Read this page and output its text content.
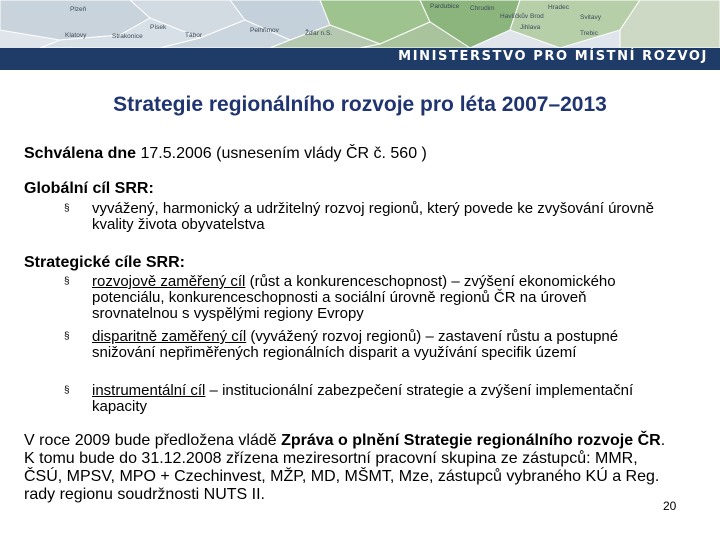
Pardubice Chrudim	Hradec
Plzeň
Havlíčkův Brod	Svitavy
Písek	Pelhřimov
Tábor
Jihlava
Žďár n.S.	Trebic
Klatovy	Strakonice
MINISTERSTVO PRO MÍSTNÍ ROZVOJ
Strategie regionálního rozvoje pro léta 2007–2013
Schválena dne 17.5.2006 (usnesením vlády ČR č. 560 )
Globální cíl SRR:
§	vyvážený, harmonický a udržitelný rozvoj regionů, který povede ke zvyšování úrovně kvality života obyvatelstva
Strategické cíle SRR:
§	rozvojově zaměřený cíl (růst a konkurenceschopnost) – zvýšení ekonomického potenciálu, konkurenceschopnosti a sociální úrovně regionů ČR na úroveň srovnatelnou s vyspělými regiony Evropy
§	disparitně zaměřený cíl (vyvážený rozvoj regionů) – zastavení růstu a postupné snižování nepřiměřených regionálních disparit a využívání specifik území
§	instrumentální cíl – institucionální zabezpečení strategie a zvýšení implementační kapacity
V roce 2009 bude předložena vládě Zpráva o plnění Strategie regionálního rozvoje ČR. K tomu bude do 31.12.2008 zřízena meziresortní pracovní skupina ze zástupců: MMR, ČSÚ, MPSV, MPO + Czechinvest, MŽP, MD, MŠMT, Mze, zástupců vybraného KÚ a Reg. rady regionu soudržnosti NUTS II.
20
